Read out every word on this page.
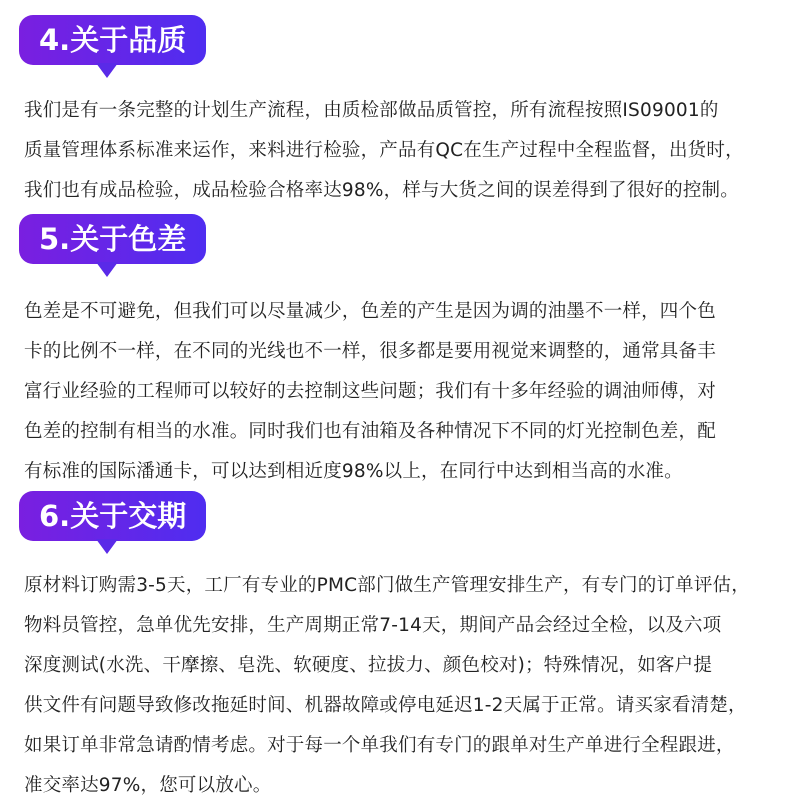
4.关于品质
我们是有一条完整的计划生产流程，由质检部做品质管控，所有流程按照IS09001的
质量管理体系标准来运作，来料进行检验，产品有QC在生产过程中全程监督，出货时，
我们也有成品检验，成品检验合格率达98%，样与大货之间的误差得到了很好的控制。
5.关于色差
色差是不可避免，但我们可以尽量减少，色差的产生是因为调的油墨不一样，四个色
卡的比例不一样，在不同的光线也不一样，很多都是要用视觉来调整的，通常具备丰
富行业经验的工程师可以较好的去控制这些问题；我们有十多年经验的调油师傅，对
色差的控制有相当的水准。同时我们也有油箱及各种情况下不同的灯光控制色差，配
有标准的国际潘通卡，可以达到相近度98%以上，在同行中达到相当高的水准。
6.关于交期
原材料订购需3-5天，工厂有专业的PMC部门做生产管理安排生产，有专门的订单评估，
物料员管控，急单优先安排，生产周期正常7-14天，期间产品会经过全检，以及六项
深度测试(水洗、干摩擦、皂洗、软硬度、拉拔力、颜色校对)；特殊情况，如客户提
供文件有问题导致修改拖延时间、机器故障或停电延迟1-2天属于正常。请买家看清楚，
如果订单非常急请酌情考虑。对于每一个单我们有专门的跟单对生产单进行全程跟进，
准交率达97%，您可以放心。
